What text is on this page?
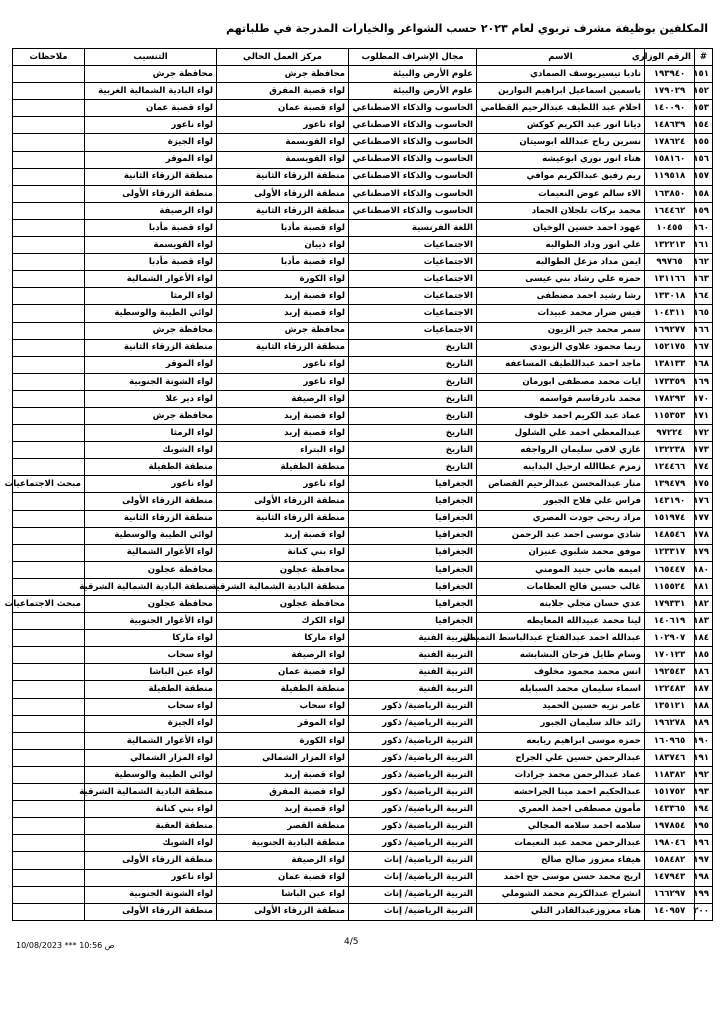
المكلفين بوظيفة مشرف تربوي لعام ٢٠٢٣ حسب الشواغر والخيارات المدرجة في طلباتهم
#	الرقم الوزاري	الاسم	مجال الإشراف المطلوب	مركز العمل الحالي	التنسيب	ملاحظات
١٥١	١٩٣٩٤٠	ناديا تيسيريوسف الصمادي	علوم الأرض والبيئة	محافظة جرش	محافظة جرش	
١٥٢	١٧٩٠٢٩	ياسمين اسماعيل ابراهيم البوارين	علوم الأرض والبيئة	لواء قصبة المفرق	لواء البادية الشمالية الغربية	
١٥٣	١٤٠٠٩٠	احلام عبد اللطيف عبدالرحيم القطامي	الحاسوب والذكاء الاصطناعي	لواء قصبة عمان	لواء قصبة عمان	
١٥٤	١٤٨٦٣٩	ديانا انور عبد الكريم كوكش	الحاسوب والذكاء الاصطناعي	لواء ناعور	لواء ناعور	
١٥٥	١٧٨٦٢٤	نسرين رباح عبدالله ابوسيتان	الحاسوب والذكاء الاصطناعي	لواء القويسمة	لواء الجيزة	
١٥٦	١٥٨١٦٠	هناء انور نوري ابوعيشه	الحاسوب والذكاء الاصطناعي	لواء القويسمة	لواء الموقر	
١٥٧	١١٩٥١٨	ريم رفيق عبدالكريم موافي	الحاسوب والذكاء الاصطناعي	منطقة الزرقاء الثانية	منطقة الزرقاء الثانية	
١٥٨	١٦٣٨٥٠	الاء سالم عوض النعيمات	الحاسوب والذكاء الاصطناعي	منطقة الزرقاء الأولى	منطقة الزرقاء الأولى	
١٥٩	١٦٤٤٦٢	محمد بركات تلجلان الحماد	الحاسوب والذكاء الاصطناعي	منطقة الزرقاء الثانية	لواء الرصيفة	
١٦٠	١٠٤٥٥	عهود احمد حسين الوخيان	اللغة الفرنسية	لواء قصبة مأدبا	لواء قصبة مأدبا	
١٦١	١٣٢٢١٣	علي انور وداد الطوالبه	الاجتماعيات	لواء ذيبان	لواء القويسمة	
١٦٢	٩٩٧٦٥	ايمن مداد مزعل الطوالبه	الاجتماعيات	لواء قصبة مأدبا	لواء قصبة مأدبا	
١٦٣	١٣١١٦٦	حمزه علي رشاد بني عيسى	الاجتماعيات	لواء الكورة	لواء الأغوار الشمالية	
١٦٤	١٣٣٠١٨	رشا رشيد احمد مصطفى	الاجتماعيات	لواء قصبة إربد	لواء الرمثا	
١٦٥	١٠٤٣١١	فيس ضرار محمد عبيدات	الاجتماعيات	لواء قصبة إربد	لوائي الطيبة والوسطية	
١٦٦	١٦٩٢٧٧	سمر محمد جبر الزيون	الاجتماعيات	محافظة جرش	محافظة جرش	
١٦٧	١٥٢١٧٥	ريما محمود علاوي الزيودي	التاريخ	منطقة الزرقاء الثانية	منطقة الزرقاء الثانية	
١٦٨	١٣٨١٣٣	ماجد احمد عبداللطيف المساعفه	التاريخ	لواء ناعور	لواء الموقر	
١٦٩	١٧٣٣٥٩	ايات محمد مصطفى ابورمان	التاريخ	لواء ناعور	لواء الشونة الجنوبية	
١٧٠	١٧٨٢٩٣	محمد نادرقاسم قواسمه	التاريخ	لواء الرصيفة	لواء دير علا	
١٧١	١١٥٣٥٣	عماد عبد الكريم احمد خلوف	التاريخ	لواء قصبة إربد	محافظة جرش	
١٧٢	٩٧٢٢٤	عبدالمعطي احمد علي الشلول	التاريخ	لواء قصبة إربد	لواء الرمثا	
١٧٣	١٣٢٢٣٨	غازي لافي سليمان الرواجفه	التاريخ	لواء البتراء	لواء الشوبك	
١٧٤	١٢٤٤٦٦	زمزم عطاالله ارحيل البداينه	التاريخ	منطقة الطفيلة	منطقة الطفيلة	
١٧٥	١٣٩٤٧٩	منار عبدالمحسن عبدالرحيم القصاص	الجغرافيا	لواء ناعور	لواء ناعور	مبحث الاجتماعيات
١٧٦	١٤٣١٩٠	فراس علي فلاح الجبور	الجغرافيا	منطقة الزرقاء الأولى	منطقة الزرقاء الأولى	
١٧٧	١٥١٩٧٤	مراد ربحي جودت المصري	الجغرافيا	منطقة الزرقاء الثانية	منطقة الزرقاء الثانية	
١٧٨	١٤٨٥٤٦	شادي موسى احمد عبد الرحمن	الجغرافيا	لواء قصبة إربد	لوائي الطيبة والوسطية	
١٧٩	١٢٣٣١٧	موفق محمد شلبوي عنيزان	الجغرافيا	لواء بني كنانة	لواء الأغوار الشمالية	
١٨٠	١٦٥٤٤٧	اميمه هاني جنيد المومني	الجغرافيا	محافظة عجلون	محافظة عجلون	
١٨١	١١٥٥٢٤	غالب حسين فالح العظامات	الجغرافيا	منطقة البادية الشمالية الشرقية	منطقة البادية الشمالية الشرقية	
١٨٢	١٧٩٣٣١	عدي حسان مجلي جلابنه	الجغرافيا	محافظة عجلون	محافظة عجلون	مبحث الاجتماعيات
١٨٣	١٤٠٦١٩	لينا محمد عبيدالله المعايطه	الجغرافيا	لواء الكرك	لواء الأغوار الجنوبية	
١٨٤	١٠٢٩٠٧	عبدالله احمد عبدالفتاح عبدالباسط التميمي	التربية الفنية	لواء ماركا	لواء ماركا	
١٨٥	١٧٠١٢٣	وسام طايل فرحان البشابشه	التربية الفنية	لواء الرصيفة	لواء سحاب	
١٨٦	١٩٢٥٤٣	انس محمد محمود مخلوف	التربية الفنية	لواء قصبة عمان	لواء عين الباشا	
١٨٧	١٢٢٤٨٣	اسماء سليمان محمد السبايله	التربية الفنية	منطقة الطفيلة	منطقة الطفيلة	
١٨٨	١٣٥١٢١	عامر نزيه حسين الحميد	التربية الرياضية/ ذكور	لواء سحاب	لواء سحاب	
١٨٩	١٩٦٢٧٨	رائد خالد سليمان الجبور	التربية الرياضية/ ذكور	لواء الموقر	لواء الجيزة	
١٩٠	١٦٠٩٦٥	حمزه موسى ابراهيم ربابعه	التربية الرياضية/ ذكور	لواء الكورة	لواء الأغوار الشمالية	
١٩١	١٨٣٧٤٦	عبدالرحمن حسين علي الجراح	التربية الرياضية/ ذكور	لواء المزار الشمالي	لواء المزار الشمالي	
١٩٢	١١٨٣٨٢	عماد عبدالرحمن محمد جرادات	التربية الرياضية/ ذكور	لواء قصبة إربد	لوائي الطيبة والوسطية	
١٩٣	١٥١٧٥٢	عبدالحكيم احمد مينا الجراحشه	التربية الرياضية/ ذكور	لواء قصبة المفرق	منطقة البادية الشمالية الشرقية	
١٩٤	١٤٣٣٦٥	مأمون مصطفى احمد العمري	التربية الرياضية/ ذكور	لواء قصبة إربد	لواء بني كنانة	
١٩٥	١٩٧٨٥٤	سلامه احمد سلامه المجالي	التربية الرياضية/ ذكور	منطقة القصر	منطقة العقبة	
١٩٦	١٩٨٠٤٦	عبدالرحمن محمد عبد النعيمات	التربية الرياضية/ ذكور	منطقة البادية الجنوبية	لواء الشوبك	
١٩٧	١٥٨٤٨٢	هيفاء معزوز صالح صالح	التربية الرياضية/ إناث	لواء الرصيفة	منطقة الزرقاء الأولى	
١٩٨	١٤٧٩٤٣	اريج محمد حسن موسى حج احمد	التربية الرياضية/ إناث	لواء قصبة عمان	لواء ناعور	
١٩٩	١٦٦٢٩٧	انشراح عبدالكريم محمد الشوملي	التربية الرياضية/ إناث	لواء عين الباشا	لواء الشونة الجنوبية	
٢٠٠	١٤٠٩٥٧	هناء معزوزعبدالقادر التلي	التربية الرياضية/ إناث	منطقة الزرقاء الأولى	منطقة الزرقاء الأولى	
4/5
ص 10:56 *** 10/08/2023
